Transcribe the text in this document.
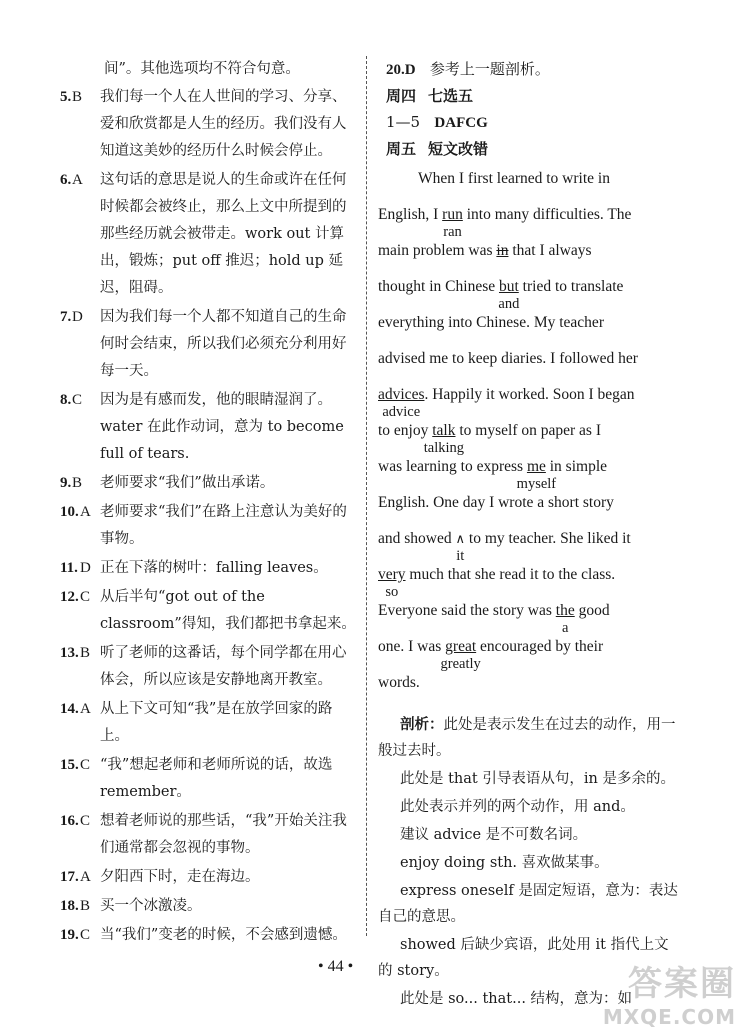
间”。其他选项均不符合句意。
5. 我们每一个人在人世间的学习、分享、爱和欣赏都是人生的经历。我们没有人知道这美妙的经历什么时候会停止。
B
6. 这句话的意思是说人的生命或许在任何时候都会被终止，那么上文中所提到的那些经历就会被带走。work out 计算出，锻炼；put off 推迟；hold up 延迟，阻碍。
A
7. 因为我们每一个人都不知道自己的生命何时会结束，所以我们必须充分利用好每一天。
D
8. 因为是有感而发，他的眼睛湿润了。water 在此作动词，意为 to become full of tears.
C
9. 老师要求“我们”做出承诺。
B
10. 老师要求“我们”在路上注意认为美好的事物。
A
11. 正在下落的树叶：falling leaves。
D
12. 从后半句“got out of the classroom”得知，我们都把书拿起来。
C
13. 听了老师的这番话，每个同学都在用心体会，所以应该是安静地离开教室。
B
14. 从上下文可知“我”是在放学回家的路上。
A
15. “我”想起老师和老师所说的话，故选 remember。
C
16. 想着老师说的那些话，“我”开始关注我们通常都会忽视的事物。
C
17. 夕阳西下时，走在海边。
A
18. 买一个冰激凌。
B
19. 当“我们”变老的时候，不会感到遗憾。
C
20.D 参考上一题剖析。
周四 七选五
1—5 DAFCG
周五 短文改错
When I first learned to write in
English, I run into many difficulties. The
ran
main problem was in that I always
thought in Chinese but tried to translate
and
everything into Chinese. My teacher
advised me to keep diaries. I followed her
advices. Happily it worked. Soon I began
advice
to enjoy talk to myself on paper as I
talking
was learning to express me in simple
myself
English. One day I wrote a short story
and showed ∧ to my teacher. She liked it
it
very much that she read it to the class.
so
Everyone said the story was the good
a
one. I was great encouraged by their
greatly
words.
剖析：此处是表示发生在过去的动作，用一般过去时。
此处是 that 引导表语从句，in 是多余的。
此处表示并列的两个动作，用 and。
建议 advice 是不可数名词。
enjoy doing sth. 喜欢做某事。
express oneself 是固定短语，意为：表达自己的意思。
showed 后缺少宾语，此处用 it 指代上文的 story。
此处是 so... that... 结构，意为：如
• 44 •	答案圈
MXQE.COM
